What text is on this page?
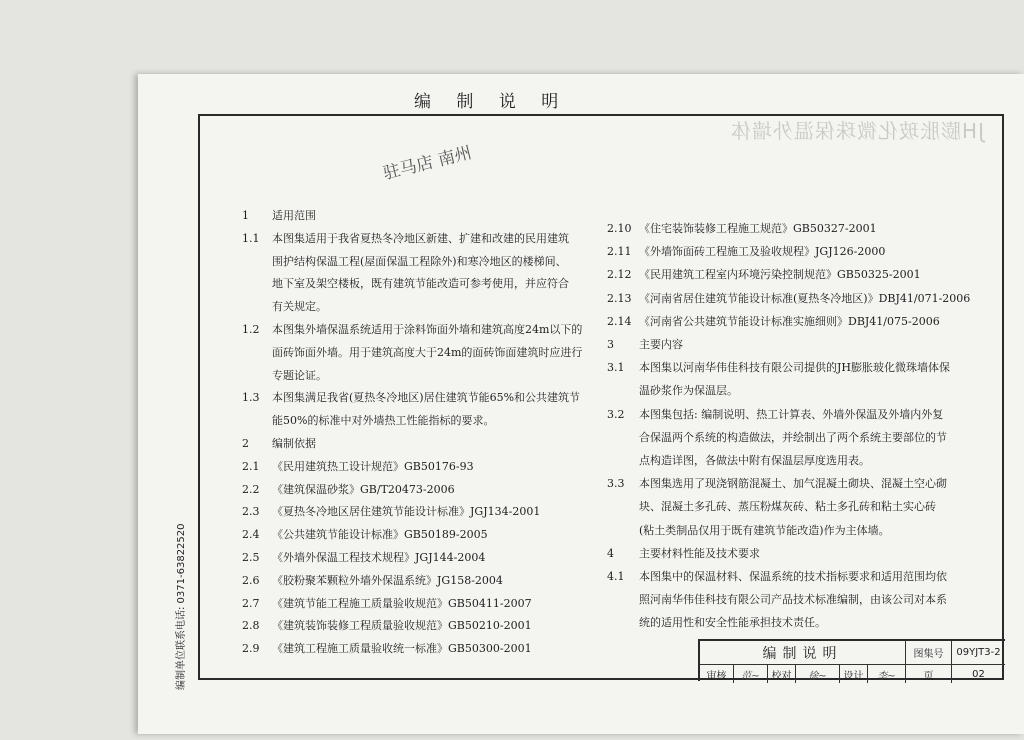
JH膨胀玻化微珠保温外墙体
编 制 说 明
驻马店 南州
编制单位联系电话: 0371-63822520
1 适用范围
1.1 本图集适用于我省夏热冬冷地区新建、扩建和改建的民用建筑
围护结构保温工程(屋面保温工程除外)和寒冷地区的楼梯间、
地下室及架空楼板，既有建筑节能改造可参考使用，并应符合
有关规定。
1.2 本图集外墙保温系统适用于涂料饰面外墙和建筑高度24m以下的
面砖饰面外墙。用于建筑高度大于24m的面砖饰面建筑时应进行
专题论证。
1.3 本图集满足我省(夏热冬冷地区)居住建筑节能65%和公共建筑节
能50%的标准中对外墙热工性能指标的要求。
2 编制依据
2.1 《民用建筑热工设计规范》GB50176-93
2.2 《建筑保温砂浆》GB/T20473-2006
2.3 《夏热冬冷地区居住建筑节能设计标准》JGJ134-2001
2.4 《公共建筑节能设计标准》GB50189-2005
2.5 《外墙外保温工程技术规程》JGJ144-2004
2.6 《胶粉聚苯颗粒外墙外保温系统》JG158-2004
2.7 《建筑节能工程施工质量验收规范》GB50411-2007
2.8 《建筑装饰装修工程质量验收规范》GB50210-2001
2.9 《建筑工程施工质量验收统一标准》GB50300-2001
2.10 《住宅装饰装修工程施工规范》GB50327-2001
2.11 《外墙饰面砖工程施工及验收规程》JGJ126-2000
2.12 《民用建筑工程室内环境污染控制规范》GB50325-2001
2.13 《河南省居住建筑节能设计标准(夏热冬冷地区)》DBJ41/071-2006
2.14 《河南省公共建筑节能设计标准实施细则》DBJ41/075-2006
3 主要内容
3.1 本图集以河南华伟佳科技有限公司提供的JH膨胀玻化微珠墙体保
温砂浆作为保温层。
3.2 本图集包括: 编制说明、热工计算表、外墙外保温及外墙内外复
合保温两个系统的构造做法，并绘制出了两个系统主要部位的节
点构造详图，各做法中附有保温层厚度选用表。
3.3 本图集选用了现浇钢筋混凝土、加气混凝土砌块、混凝土空心砌
块、混凝土多孔砖、蒸压粉煤灰砖、粘土多孔砖和粘土实心砖
(粘土类制品仅用于既有建筑节能改造)作为主体墙。
4 主要材料性能及技术要求
4.1 本图集中的保温材料、保温系统的技术指标要求和适用范围均依
照河南华伟佳科技有限公司产品技术标准编制，由该公司对本系
统的适用性和安全性能承担技术责任。
编制说明	图集号	09YJT3-2
审核	范~	校对	徐~	设计	李~	页	02
